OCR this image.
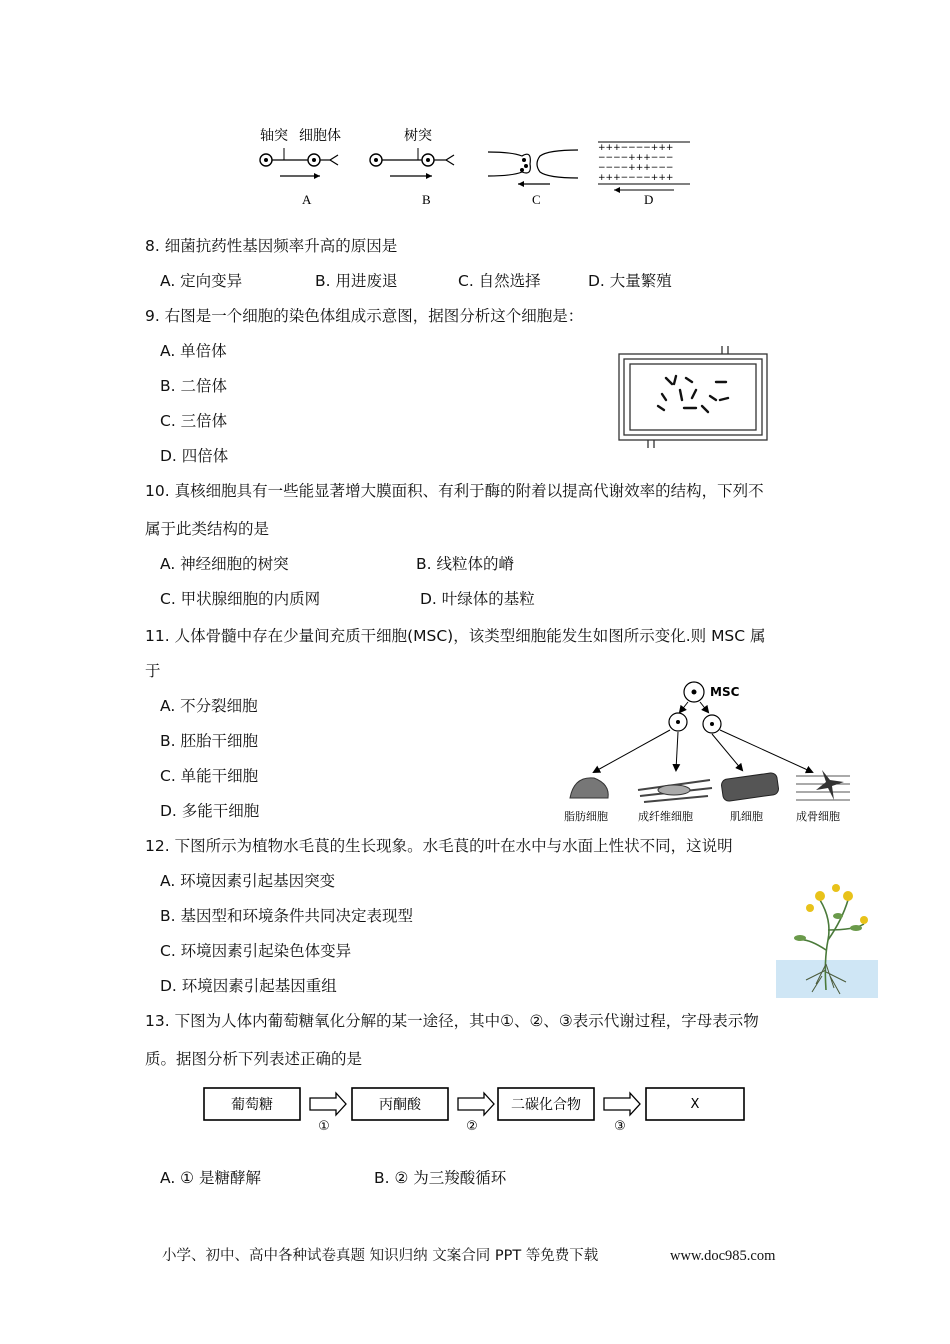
轴突 细胞体
A
树突
B	C
+++−−−−+++
−−−−+++−−−
−−−−+++−−−
+++−−−−+++
D
8. 细菌抗药性基因频率升高的原因是
A. 定向变异	B. 用进废退	C. 自然选择	D. 大量繁殖
9. 右图是一个细胞的染色体组成示意图，据图分析这个细胞是：
A. 单倍体
B. 二倍体
C. 三倍体
D. 四倍体
10. 真核细胞具有一些能显著增大膜面积、有利于酶的附着以提高代谢效率的结构，下列不
属于此类结构的是
A. 神经细胞的树突	B. 线粒体的嵴
C. 甲状腺细胞的内质网	D. 叶绿体的基粒
11. 人体骨髓中存在少量间充质干细胞(MSC)，该类型细胞能发生如图所示变化.则 MSC 属
于
A. 不分裂细胞
B. 胚胎干细胞
C. 单能干细胞
D. 多能干细胞
MSC
脂肪细胞	成纤维细胞	肌细胞	成骨细胞
12. 下图所示为植物水毛茛的生长现象。水毛茛的叶在水中与水面上性状不同，这说明
A. 环境因素引起基因突变
B. 基因型和环境条件共同决定表现型
C. 环境因素引起染色体变异
D. 环境因素引起基因重组
13. 下图为人体内葡萄糖氧化分解的某一途径，其中①、②、③表示代谢过程，字母表示物
质。据图分析下列表述正确的是
葡萄糖	丙酮酸	二碳化合物	X
①	②	③
A. ① 是糖酵解	B. ② 为三羧酸循环
小学、初中、高中各种试卷真题 知识归纳 文案合同 PPT 等免费下载	www.doc985.com
